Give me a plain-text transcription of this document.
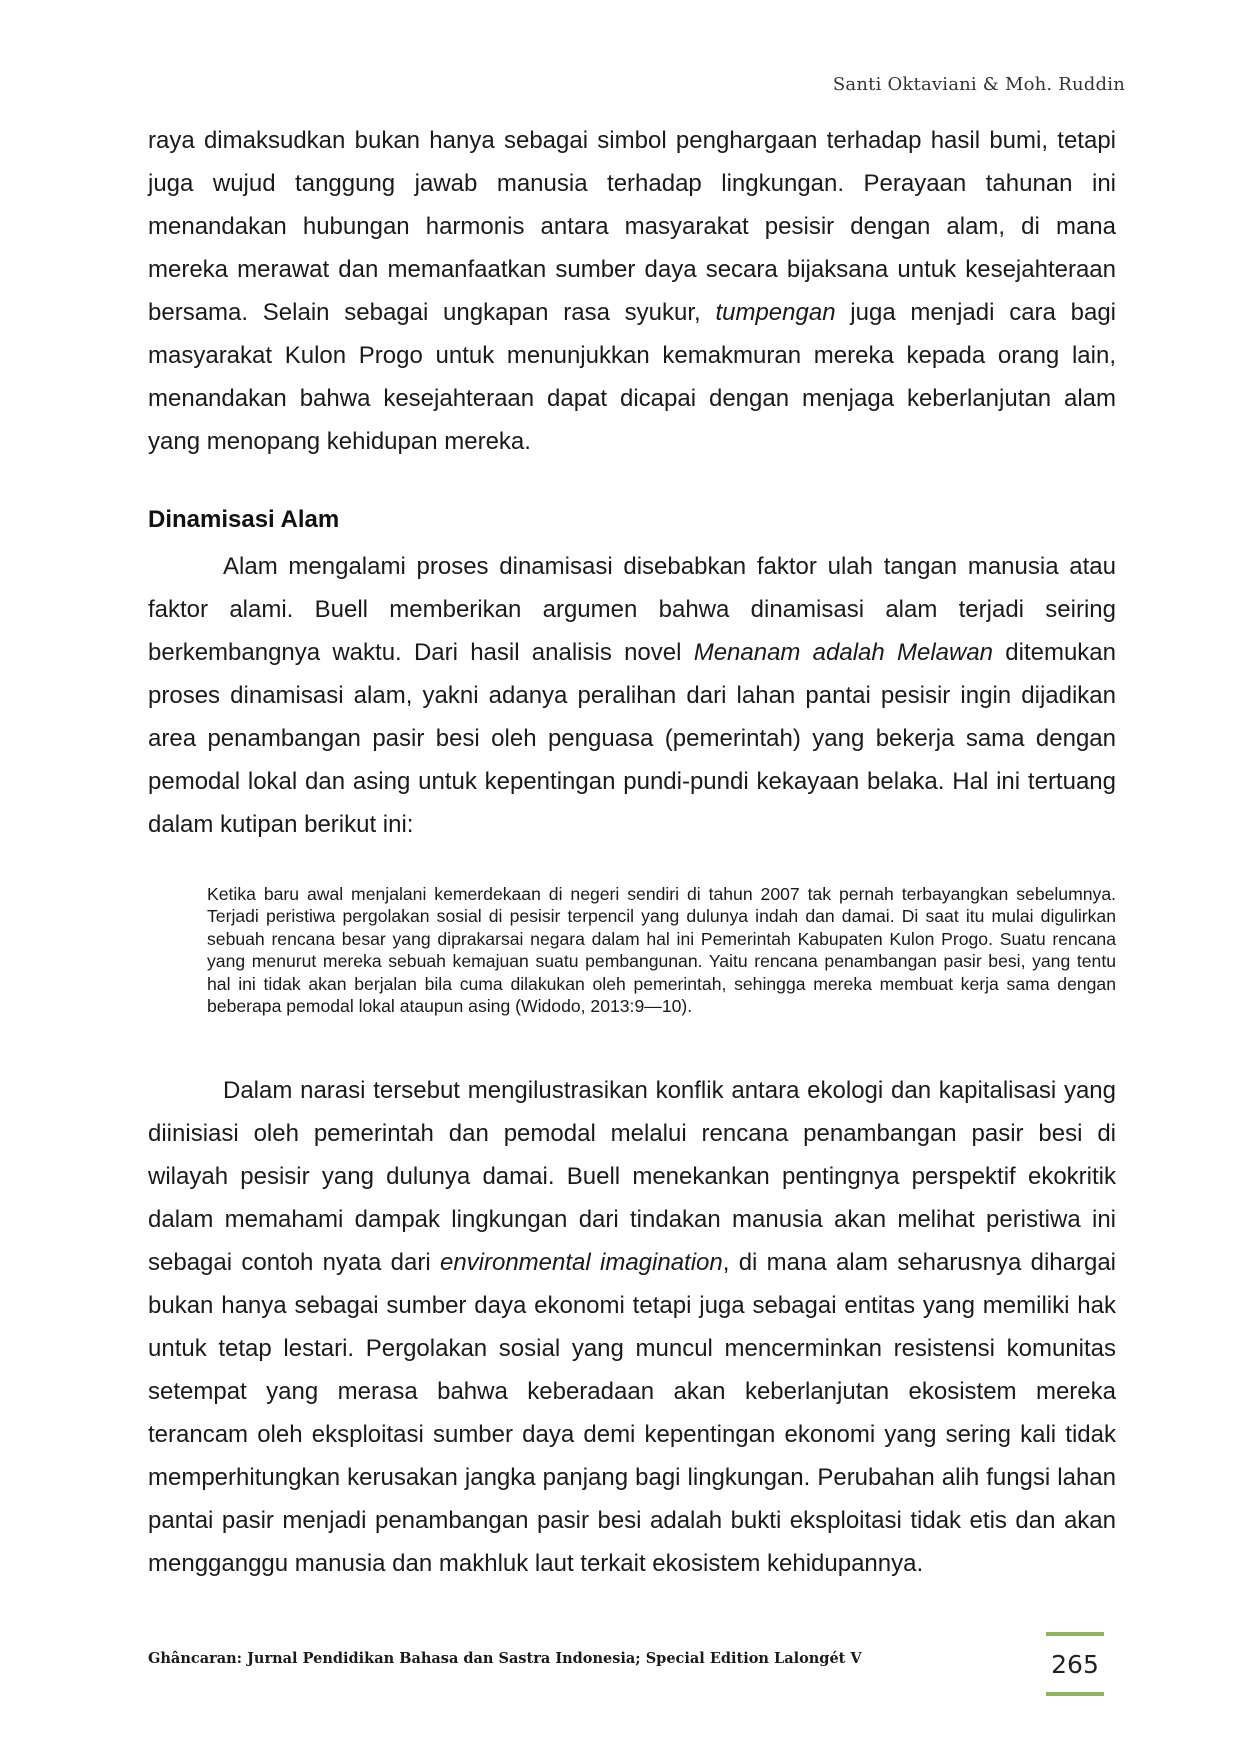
Santi Oktaviani & Moh. Ruddin

raya dimaksudkan bukan hanya sebagai simbol penghargaan terhadap hasil bumi, tetapi juga wujud tanggung jawab manusia terhadap lingkungan. Perayaan tahunan ini menandakan hubungan harmonis antara masyarakat pesisir dengan alam, di mana mereka merawat dan memanfaatkan sumber daya secara bijaksana untuk kesejahteraan bersama. Selain sebagai ungkapan rasa syukur, tumpengan juga menjadi cara bagi masyarakat Kulon Progo untuk menunjukkan kemakmuran mereka kepada orang lain, menandakan bahwa kesejahteraan dapat dicapai dengan menjaga keberlanjutan alam yang menopang kehidupan mereka.

Dinamisasi Alam

Alam mengalami proses dinamisasi disebabkan faktor ulah tangan manusia atau faktor alami. Buell memberikan argumen bahwa dinamisasi alam terjadi seiring berkembangnya waktu. Dari hasil analisis novel Menanam adalah Melawan ditemukan proses dinamisasi alam, yakni adanya peralihan dari lahan pantai pesisir ingin dijadikan area penambangan pasir besi oleh penguasa (pemerintah) yang bekerja sama dengan pemodal lokal dan asing untuk kepentingan pundi-pundi kekayaan belaka. Hal ini tertuang dalam kutipan berikut ini:

Ketika baru awal menjalani kemerdekaan di negeri sendiri di tahun 2007 tak pernah terbayangkan sebelumnya. Terjadi peristiwa pergolakan sosial di pesisir terpencil yang dulunya indah dan damai. Di saat itu mulai digulirkan sebuah rencana besar yang diprakarsai negara dalam hal ini Pemerintah Kabupaten Kulon Progo. Suatu rencana yang menurut mereka sebuah kemajuan suatu pembangunan. Yaitu rencana penambangan pasir besi, yang tentu hal ini tidak akan berjalan bila cuma dilakukan oleh pemerintah, sehingga mereka membuat kerja sama dengan beberapa pemodal lokal ataupun asing (Widodo, 2013:9—10).

Dalam narasi tersebut mengilustrasikan konflik antara ekologi dan kapitalisasi yang diinisiasi oleh pemerintah dan pemodal melalui rencana penambangan pasir besi di wilayah pesisir yang dulunya damai. Buell menekankan pentingnya perspektif ekokritik dalam memahami dampak lingkungan dari tindakan manusia akan melihat peristiwa ini sebagai contoh nyata dari environmental imagination, di mana alam seharusnya dihargai bukan hanya sebagai sumber daya ekonomi tetapi juga sebagai entitas yang memiliki hak untuk tetap lestari. Pergolakan sosial yang muncul mencerminkan resistensi komunitas setempat yang merasa bahwa keberadaan akan keberlanjutan ekosistem mereka terancam oleh eksploitasi sumber daya demi kepentingan ekonomi yang sering kali tidak memperhitungkan kerusakan jangka panjang bagi lingkungan. Perubahan alih fungsi lahan pantai pasir menjadi penambangan pasir besi adalah bukti eksploitasi tidak etis dan akan mengganggu manusia dan makhluk laut terkait ekosistem kehidupannya.

Ghâncaran: Jurnal Pendidikan Bahasa dan Sastra Indonesia; Special Edition Lalongét V	265
